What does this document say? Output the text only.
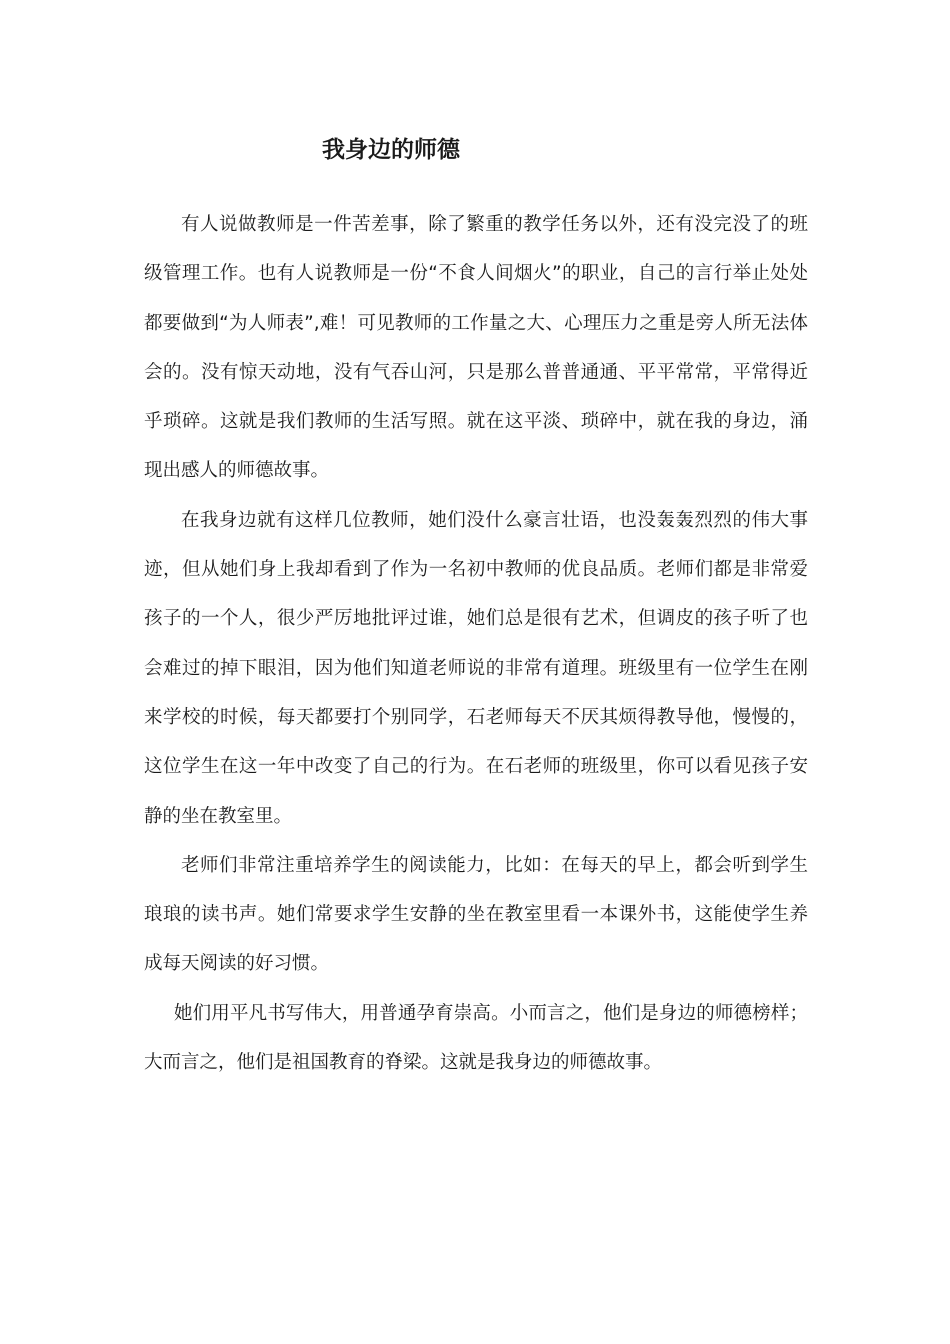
我身边的师德

有人说做教师是一件苦差事，除了繁重的教学任务以外，还有没完没了的班级管理工作。也有人说教师是一份“不食人间烟火”的职业，自己的言行举止处处都要做到“为人师表”,难！可见教师的工作量之大、心理压力之重是旁人所无法体会的。没有惊天动地，没有气吞山河，只是那么普普通通、平平常常，平常得近乎琐碎。这就是我们教师的生活写照。就在这平淡、琐碎中，就在我的身边，涌现出感人的师德故事。

在我身边就有这样几位教师，她们没什么豪言壮语，也没轰轰烈烈的伟大事迹，但从她们身上我却看到了作为一名初中教师的优良品质。老师们都是非常爱孩子的一个人，很少严厉地批评过谁，她们总是很有艺术，但调皮的孩子听了也会难过的掉下眼泪，因为他们知道老师说的非常有道理。班级里有一位学生在刚来学校的时候，每天都要打个别同学，石老师每天不厌其烦得教导他，慢慢的，这位学生在这一年中改变了自己的行为。在石老师的班级里，你可以看见孩子安静的坐在教室里。

老师们非常注重培养学生的阅读能力，比如：在每天的早上，都会听到学生琅琅的读书声。她们常要求学生安静的坐在教室里看一本课外书，这能使学生养成每天阅读的好习惯。

她们用平凡书写伟大，用普通孕育崇高。小而言之，他们是身边的师德榜样；大而言之，他们是祖国教育的脊梁。这就是我身边的师德故事。
